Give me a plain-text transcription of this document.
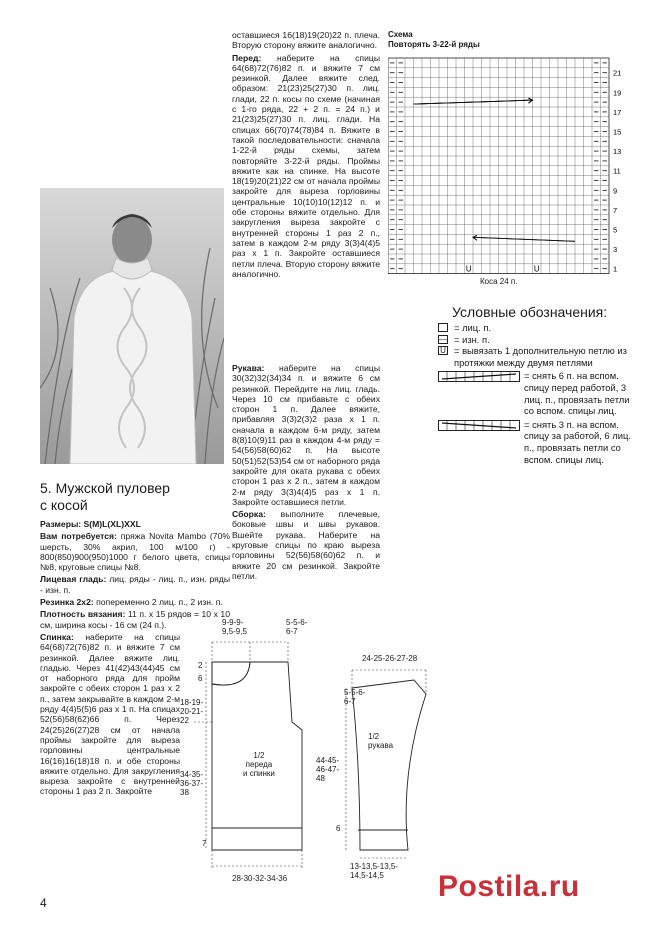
Схема
Повторять 3-22-й ряды
U	U
21
19
17
15
13
11
9
7
5
3
1
Коса 24 п.
5. Мужской пуловер
с косой

Размеры: S(M)L(XL)XXL

Вам потребуется: пряжа Novita Mambo (70% шерсть, 30% акрил, 100 м/100 г) - 800(850)900(950)1000 г белого цвета, спицы №8, круговые спицы №8.

Лицевая гладь: лиц. ряды - лиц. п., изн. ряды - изн. п.

Резинка 2x2: попеременно 2 лиц. п., 2 изн. п.

Плотность вязания: 11 п. x 15 рядов = 10 x 10 см, ширина косы - 16 см (24 п.).

Спинка: наберите на спицы 64(68)72(76)82 п. и вяжите 7 см резинкой. Далее вяжите лиц. гладью. Через 41(42)43(44)45 см от наборного ряда для пройм закройте с обеих сторон 1 раз x 2 п., затем закрывайте в каждом 2-м ряду 4(4)5(5)6 раз x 1 п. На спицах 52(56)58(62)66 п. Через 24(25)26(27)28 см от начала проймы закройте для выреза горловины центральные 16(16)16(18)18 п. и обе стороны вяжите отдельно. Для закругления выреза закройте с внутренней стороны 1 раз 2 п. Закройте

оставшиеся 16(18)19(20)22 п. плеча. Вторую сторону вяжите аналогично.

Перед: наберите на спицы 64(68)72(76)82 п. и вяжите 7 см резинкой. Далее вяжите след. образом: 21(23)25(27)30 п. лиц. глади, 22 п. косы по схеме (начиная с 1-го ряда, 22 + 2 п. = 24 п.) и 21(23)25(27)30 п. лиц. глади. На спицах 66(70)74(78)84 п. Вяжите в такой последовательности: сначала 1-22-й ряды схемы, затем повторяйте 3-22-й ряды. Проймы вяжите как на спинке. На высоте 18(19)20(21)22 см от начала проймы закройте для выреза горловины центральные 10(10)10(12)12 п. и обе стороны вяжите отдельно. Для закругления выреза закройте с внутренней стороны 1 раз 2 п., затем в каждом 2-м ряду 3(3)4(4)5 раз x 1 п. Закройте оставшиеся петли плеча. Вторую сторону вяжите аналогично.

Рукава: наберите на спицы 30(32)32(34)34 п. и вяжите 6 см резинкой. Перейдите на лиц. гладь. Через 10 см прибавьте с обеих сторон 1 п. Далее вяжите, прибавляя 3(3)2(3)2 раза x 1 п. сначала в каждом 6-м ряду, затем 8(8)10(9)11 раз в каждом 4-м ряду = 54(56)58(60)62 п. На высоте 50(51)52(53)54 см от наборного ряда закройте для оката рукава с обеих сторон 1 раз x 2 п., затем в каждом 2-м ряду 3(3)4(4)5 раз x 1 п. Закройте оставшиеся петли.

Сборка: выполните плечевые, боковые швы и швы рукавов. Вшейте рукава. Наберите на круговые спицы по краю выреза горловины 52(56)58(60)62 п. и вяжите 20 см резинкой. Закройте петли.

Условные обозначения:
= лиц. п.
— = изн. п.
U = вывязать 1 дополнительную петлю из протяжки между двумя петлями
= снять 6 п. на вспом. спицу перед работой, 3 лиц. п., провязать петли со вспом. спицы лиц.
= снять 3 п. на вспом. спицу за работой, 6 лиц. п., провязать петли со вспом. спицы лиц.
9-9-9-
9,5-9,5
5-5-6-
6-7
2
6
18-19-
20-21-
22
34-35-
36-37-
38
7
1/2
переда
и спинки
28-30-32-34-36
24-25-26-27-28
5-5-6-
6-7
44-45-
46-47-
48
6
1/2
рукава
13-13,5-13,5-
14,5-14,5
4	Postila.ru
